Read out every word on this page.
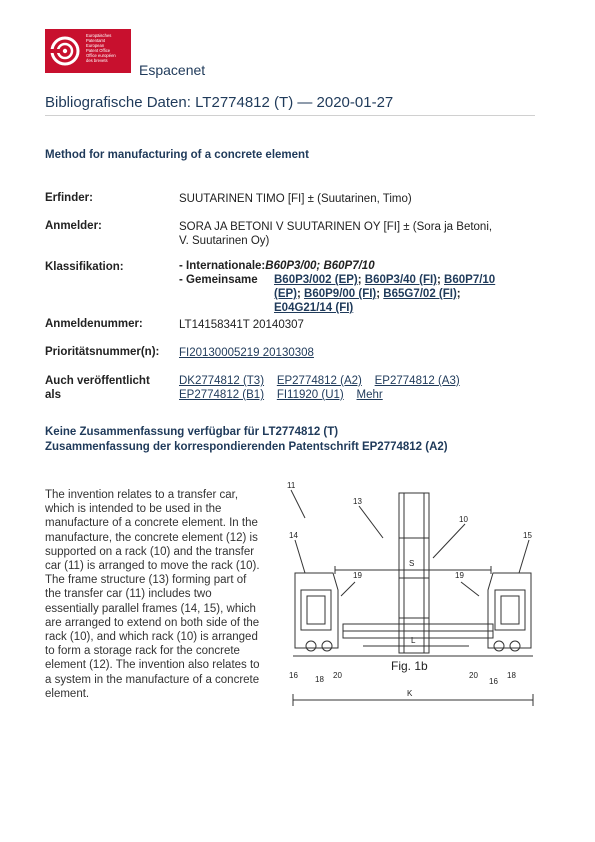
Europäisches
Patentamt
European
Patent Office
Office européen
des brevets
Espacenet
Bibliografische Daten: LT2774812 (T) — 2020-01-27
Method for manufacturing of a concrete element
Erfinder:	SUUTARINEN TIMO [FI] ± (Suutarinen, Timo)
Anmelder:	SORA JA BETONI V SUUTARINEN OY [FI] ± (Sora ja Betoni,
V. Suutarinen Oy)
Klassifikation:	- Internationale:B60P3/00; B60P7/10
- Gemeinsame B60P3/002 (EP); B60P3/40 (FI); B60P7/10
(EP); B60P9/00 (FI); B65G7/02 (FI);
E04G21/14 (FI)
Anmeldenummer:	LT14158341T 20140307
Prioritätsnummer(n): FI20130005219 20130308
Auch veröffentlicht
als
DK2774812 (T3) EP2774812 (A2) EP2774812 (A3)
EP2774812 (B1) FI11920 (U1) Mehr
Keine Zusammenfassung verfügbar für LT2774812 (T)
Zusammenfassung der korrespondierenden Patentschrift EP2774812 (A2)
The invention relates to a transfer car,
which is intended to be used in the
manufacture of a concrete element. In the
manufacture, the concrete element (12) is
supported on a rack (10) and the transfer
car (11) is arranged to move the rack (10).
The frame structure (13) forming part of
the transfer car (11) includes two
essentially parallel frames (14, 15), which
are arranged to extend on both side of the
rack (10), and which rack (10) is arranged
to form a storage rack for the concrete
element (12). The invention also relates to
a system in the manufacture of a concrete
element.
11
13
10
14	15
S
19	19
L
16 18 20	20
16
18
K
Fig. 1b
